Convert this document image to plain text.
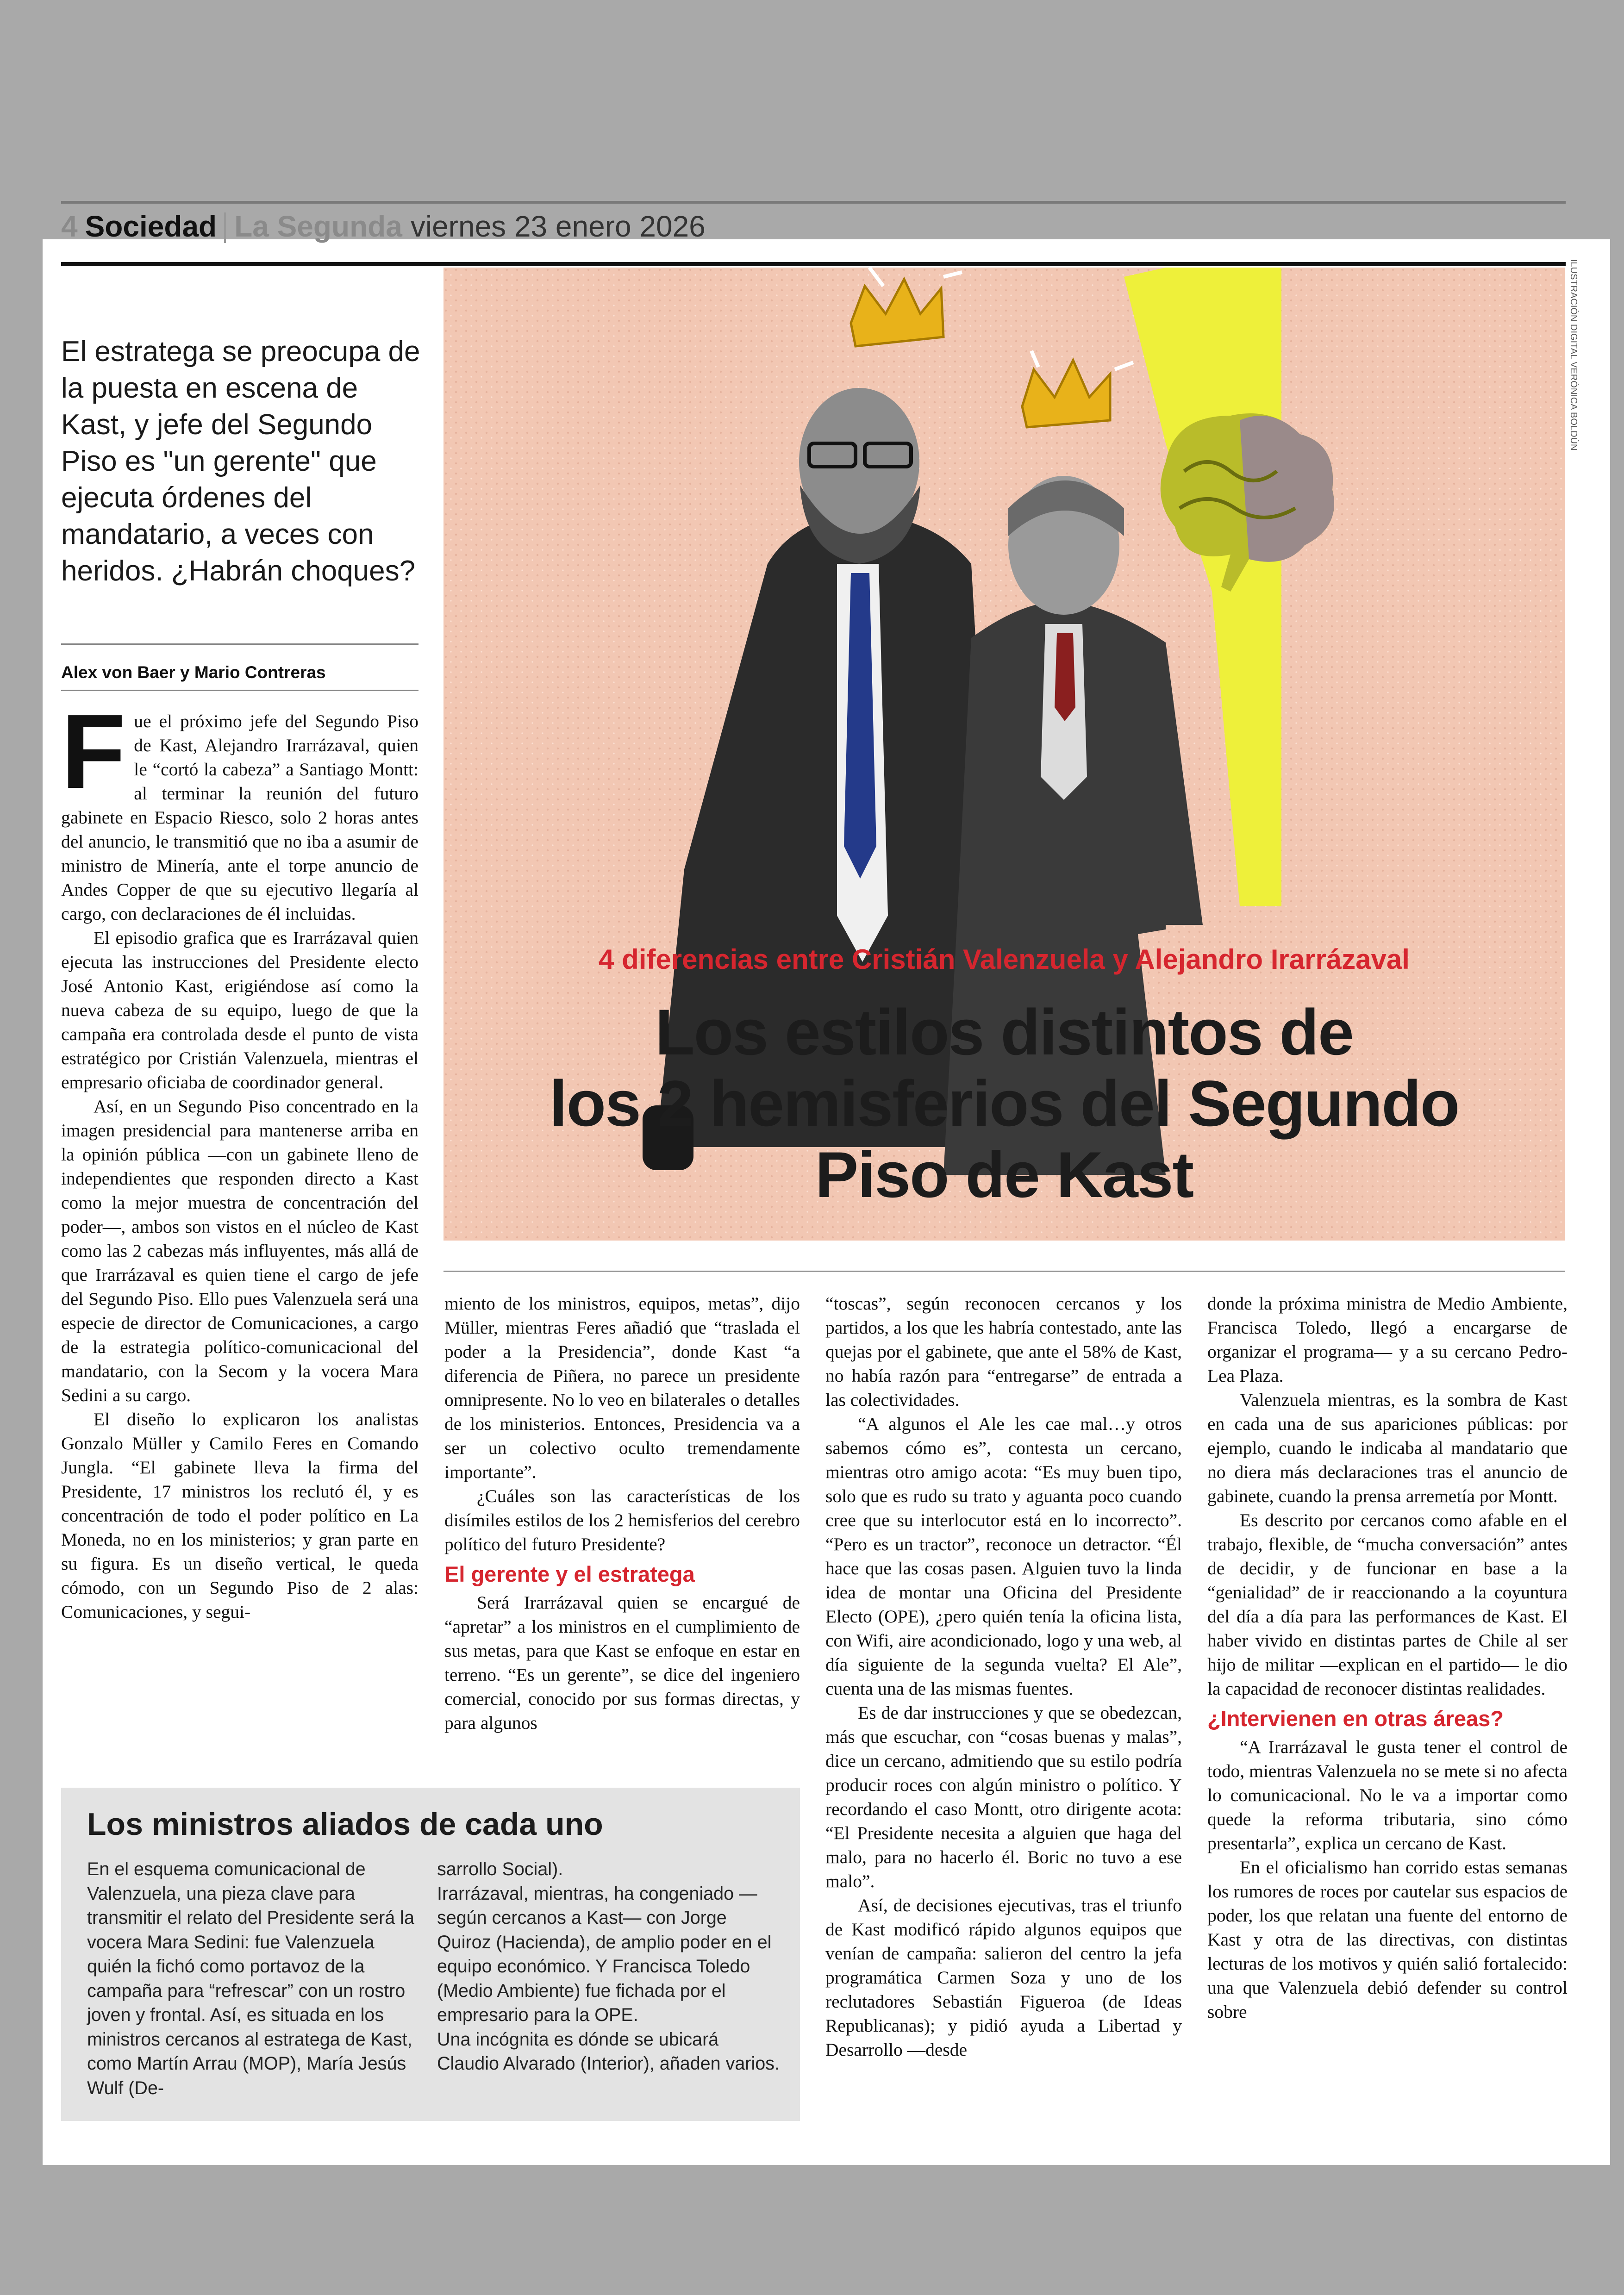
4 Sociedad La Segunda viernes 23 enero 2026
El estratega se preocupa de la puesta en escena de Kast, y jefe del Segundo Piso es "un gerente" que ejecuta órdenes del mandatario, a veces con heridos. ¿Habrán choques?
Alex von Baer y Mario Contreras
F ue el próximo jefe del Segundo Piso de Kast, Alejandro Irarrázaval, quien le “cortó la cabeza” a Santiago Montt: al terminar la reunión del futuro gabinete en Espacio Riesco, solo 2 horas antes del anuncio, le transmitió que no iba a asumir de ministro de Minería, ante el torpe anuncio de Andes Copper de que su ejecutivo llegaría al cargo, con declaraciones de él incluidas.

El episodio grafica que es Irarrázaval quien ejecuta las instrucciones del Presidente electo José Antonio Kast, erigiéndose así como la nueva cabeza de su equipo, luego de que la campaña era controlada desde el punto de vista estratégico por Cristián Valenzuela, mientras el empresario oficiaba de coordinador general.

Así, en un Segundo Piso concentrado en la imagen presidencial para mantenerse arriba en la opinión pública —con un gabinete lleno de independientes que responden directo a Kast como la mejor muestra de concentración del poder—, ambos son vistos en el núcleo de Kast como las 2 cabezas más influyentes, más allá de que Irarrázaval es quien tiene el cargo de jefe del Segundo Piso. Ello pues Valenzuela será una especie de director de Comunicaciones, a cargo de la estrategia político-comunicacional del mandatario, con la Secom y la vocera Mara Sedini a su cargo.

El diseño lo explicaron los analistas Gonzalo Müller y Camilo Feres en Comando Jungla. “El gabinete lleva la firma del Presidente, 17 ministros los reclutó él, y es concentración de todo el poder político en La Moneda, no en los ministerios; y gran parte en su figura. Es un diseño vertical, le queda cómodo, con un Segundo Piso de 2 alas: Comunicaciones, y segui-

4 diferencias entre Cristián Valenzuela y Alejandro Irarrázaval
Los estilos distintos de
los 2 hemisferios del Segundo
Piso de Kast
ILUSTRACIÓN DIGITAL VERÓNICA BOLDÚN

miento de los ministros, equipos, metas”, dijo Müller, mientras Feres añadió que “traslada el poder a la Presidencia”, donde Kast “a diferencia de Piñera, no parece un presidente omnipresente. No lo veo en bilaterales o detalles de los ministerios. Entonces, Presidencia va a ser un colectivo oculto tremendamente importante”.

¿Cuáles son las características de los disímiles estilos de los 2 hemisferios del cerebro político del futuro Presidente?

El gerente y el estratega

Será Irarrázaval quien se encargué de “apretar” a los ministros en el cumplimiento de sus metas, para que Kast se enfoque en estar en terreno. “Es un gerente”, se dice del ingeniero comercial, conocido por sus formas directas, y para algunos

“toscas”, según reconocen cercanos y los partidos, a los que les habría contestado, ante las quejas por el gabinete, que ante el 58% de Kast, no había razón para “entregarse” de entrada a las colectividades.

“A algunos el Ale les cae mal…y otros sabemos cómo es”, contesta un cercano, mientras otro amigo acota: “Es muy buen tipo, solo que es rudo su trato y aguanta poco cuando cree que su interlocutor está en lo incorrecto”. “Pero es un tractor”, reconoce un detractor. “Él hace que las cosas pasen. Alguien tuvo la linda idea de montar una Oficina del Presidente Electo (OPE), ¿pero quién tenía la oficina lista, con Wifi, aire acondicionado, logo y una web, al día siguiente de la segunda vuelta? El Ale”, cuenta una de las mismas fuentes.

Es de dar instrucciones y que se obedezcan, más que escuchar, con “cosas buenas y malas”, dice un cercano, admitiendo que su estilo podría producir roces con algún ministro o político. Y recordando el caso Montt, otro dirigente acota: “El Presidente necesita a alguien que haga del malo, para no hacerlo él. Boric no tuvo a ese malo”.

Así, de decisiones ejecutivas, tras el triunfo de Kast modificó rápido algunos equipos que venían de campaña: salieron del centro la jefa programática Carmen Soza y uno de los reclutadores Sebastián Figueroa (de Ideas Republicanas); y pidió ayuda a Libertad y Desarrollo —desde

donde la próxima ministra de Medio Ambiente, Francisca Toledo, llegó a encargarse de organizar el programa— y a su cercano Pedro-Lea Plaza.

Valenzuela mientras, es la sombra de Kast en cada una de sus apariciones públicas: por ejemplo, cuando le indicaba al mandatario que no diera más declaraciones tras el anuncio de gabinete, cuando la prensa arremetía por Montt.

Es descrito por cercanos como afable en el trabajo, flexible, de “mucha conversación” antes de decidir, y de funcionar en base a la “genialidad” de ir reaccionando a la coyuntura del día a día para las performances de Kast. El haber vivido en distintas partes de Chile al ser hijo de militar —explican en el partido— le dio la capacidad de reconocer distintas realidades.

¿Intervienen en otras áreas?

“A Irarrázaval le gusta tener el control de todo, mientras Valenzuela no se mete si no afecta lo comunicacional. No le va a importar como quede la reforma tributaria, sino cómo presentarla”, explica un cercano de Kast.

En el oficialismo han corrido estas semanas los rumores de roces por cautelar sus espacios de poder, los que relatan una fuente del entorno de Kast y otra de las directivas, con distintas lecturas de los motivos y quién salió fortalecido: una que Valenzuela debió defender su control sobre

Los ministros aliados de cada uno

En el esquema comunicacional de Valenzuela, una pieza clave para transmitir el relato del Presidente será la vocera Mara Sedini: fue Valenzuela quién la fichó como portavoz de la campaña para “refrescar” con un rostro joven y frontal. Así, es situada en los ministros cercanos al estratega de Kast, como Martín Arrau (MOP), María Jesús Wulf (De-

sarrollo Social).

Irarrázaval, mientras, ha congeniado —según cercanos a Kast— con Jorge Quiroz (Hacienda), de amplio poder en el equipo económico. Y Francisca Toledo (Medio Ambiente) fue fichada por el empresario para la OPE.

Una incógnita es dónde se ubicará Claudio Alvarado (Interior), añaden varios.
